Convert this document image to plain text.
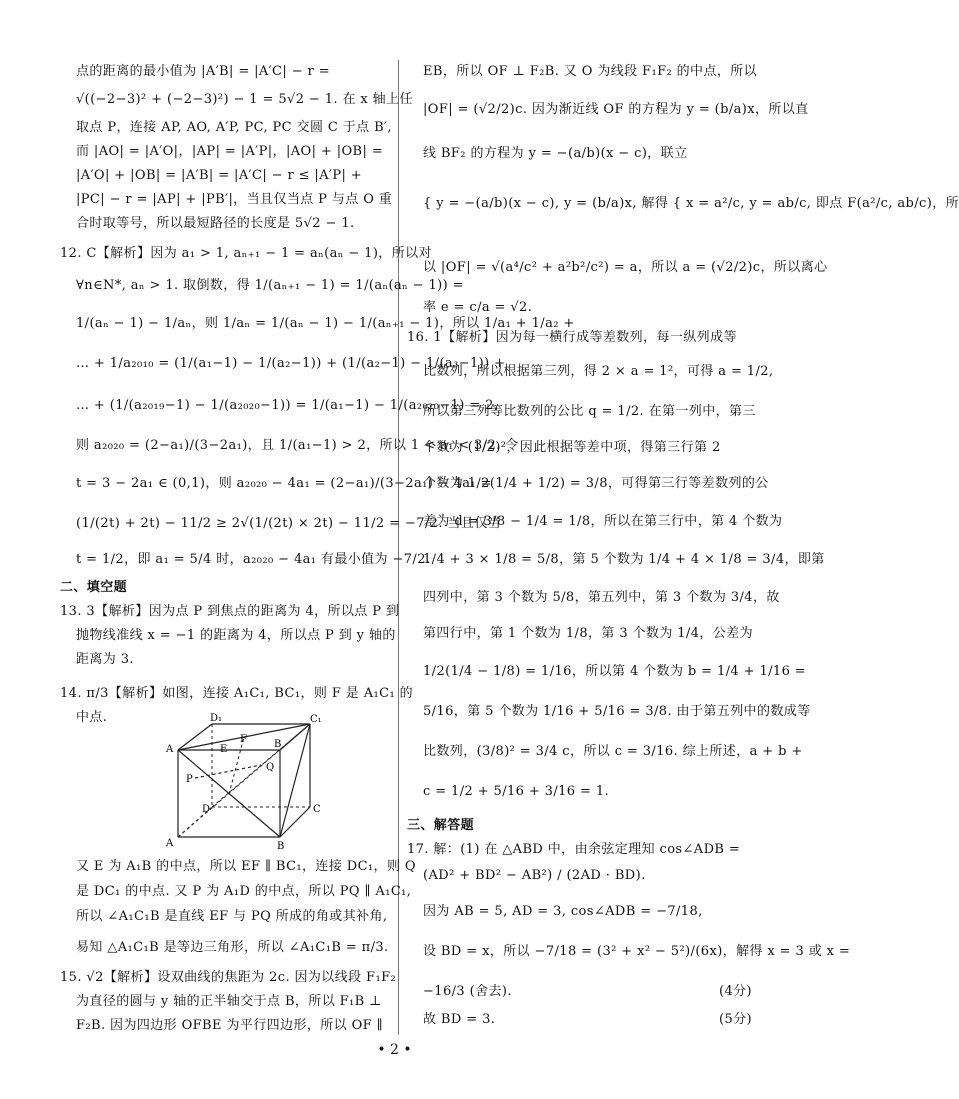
点的距离的最小值为 |A′B| = |A′C| − r =
√((−2−3)² + (−2−3)²) − 1 = 5√2 − 1. 在 x 轴上任
取点 P，连接 AP, AO, A′P, PC, PC 交圆 C 于点 B′,
而 |AO| = |A′O|，|AP| = |A′P|，|AO| + |OB| =
|A′O| + |OB| = |A′B| = |A′C| − r ≤ |A′P| +
|PC| − r = |AP| + |PB′|，当且仅当点 P 与点 O 重
合时取等号，所以最短路径的长度是 5√2 − 1.
12. C【解析】因为 a₁ > 1, aₙ₊₁ − 1 = aₙ(aₙ − 1)，所以对
∀n∈N*, aₙ > 1. 取倒数，得 1/(aₙ₊₁ − 1) = 1/(aₙ(aₙ − 1)) =
1/(aₙ − 1) − 1/aₙ，则 1/aₙ = 1/(aₙ − 1) − 1/(aₙ₊₁ − 1)，所以 1/a₁ + 1/a₂ +
… + 1/a₂₀₁₀ = (1/(a₁−1) − 1/(a₂−1)) + (1/(a₂−1) − 1/(a₃−1)) +
… + (1/(a₂₀₁₉−1) − 1/(a₂₀₂₀−1)) = 1/(a₁−1) − 1/(a₂₀₂₀−1) = 2,
则 a₂₀₂₀ = (2−a₁)/(3−2a₁)，且 1/(a₁−1) > 2，所以 1 < a₁ < 3/2. 令
t = 3 − 2a₁ ∈ (0,1)，则 a₂₀₂₀ − 4a₁ = (2−a₁)/(3−2a₁) − 4a₁ =
(1/(2t) + 2t) − 11/2 ≥ 2√(1/(2t) × 2t) − 11/2 = −7/2. 当且仅当
t = 1/2，即 a₁ = 5/4 时，a₂₀₂₀ − 4a₁ 有最小值为 −7/2.
二、填空题
13. 3【解析】因为点 P 到焦点的距离为 4，所以点 P 到
抛物线准线 x = −1 的距离为 4，所以点 P 到 y 轴的
距离为 3.
14. π/3【解析】如图，连接 A₁C₁, BC₁，则 F 是 A₁C₁ 的
中点.	D₁	C₁
A	B
E
F
P
Q
D	C
A	B
又 E 为 A₁B 的中点，所以 EF ∥ BC₁，连接 DC₁，则 Q
是 DC₁ 的中点. 又 P 为 A₁D 的中点，所以 PQ ∥ A₁C₁,
所以 ∠A₁C₁B 是直线 EF 与 PQ 所成的角或其补角,
易知 △A₁C₁B 是等边三角形，所以 ∠A₁C₁B = π/3.
15. √2【解析】设双曲线的焦距为 2c. 因为以线段 F₁F₂
为直径的圆与 y 轴的正半轴交于点 B，所以 F₁B ⊥
F₂B. 因为四边形 OFBE 为平行四边形，所以 OF ∥
EB，所以 OF ⊥ F₂B. 又 O 为线段 F₁F₂ 的中点，所以
|OF| = (√2/2)c. 因为渐近线 OF 的方程为 y = (b/a)x，所以直
线 BF₂ 的方程为 y = −(a/b)(x − c)，联立
{ y = −(a/b)(x − c), y = (b/a)x, 解得 { x = a²/c, y = ab/c, 即点 F(a²/c, ab/c)，所
以 |OF| = √(a⁴/c² + a²b²/c²) = a，所以 a = (√2/2)c，所以离心
率 e = c/a = √2.
16. 1【解析】因为每一横行成等差数列，每一纵列成等
比数列，所以根据第三列，得 2 × a = 1²，可得 a = 1/2,
所以第三列等比数列的公比 q = 1/2. 在第一列中，第三
个数为 (1/2)²，因此根据等差中项，得第三行第 2
个数为 1/2(1/4 + 1/2) = 3/8，可得第三行等差数列的公
差为 d = 3/8 − 1/4 = 1/8，所以在第三行中，第 4 个数为
1/4 + 3 × 1/8 = 5/8，第 5 个数为 1/4 + 4 × 1/8 = 3/4，即第
四列中，第 3 个数为 5/8，第五列中，第 3 个数为 3/4，故
第四行中，第 1 个数为 1/8，第 3 个数为 1/4，公差为
1/2(1/4 − 1/8) = 1/16，所以第 4 个数为 b = 1/4 + 1/16 =
5/16，第 5 个数为 1/16 + 5/16 = 3/8. 由于第五列中的数成等
比数列，(3/8)² = 3/4 c，所以 c = 3/16. 综上所述，a + b +
c = 1/2 + 5/16 + 3/16 = 1.
三、解答题
17. 解：(1) 在 △ABD 中，由余弦定理知 cos∠ADB =
(AD² + BD² − AB²) / (2AD · BD).
因为 AB = 5, AD = 3, cos∠ADB = −7/18,
设 BD = x，所以 −7/18 = (3² + x² − 5²)/(6x)，解得 x = 3 或 x =
−16/3 (舍去).	(4分)
故 BD = 3.	(5分)
• 2 •
